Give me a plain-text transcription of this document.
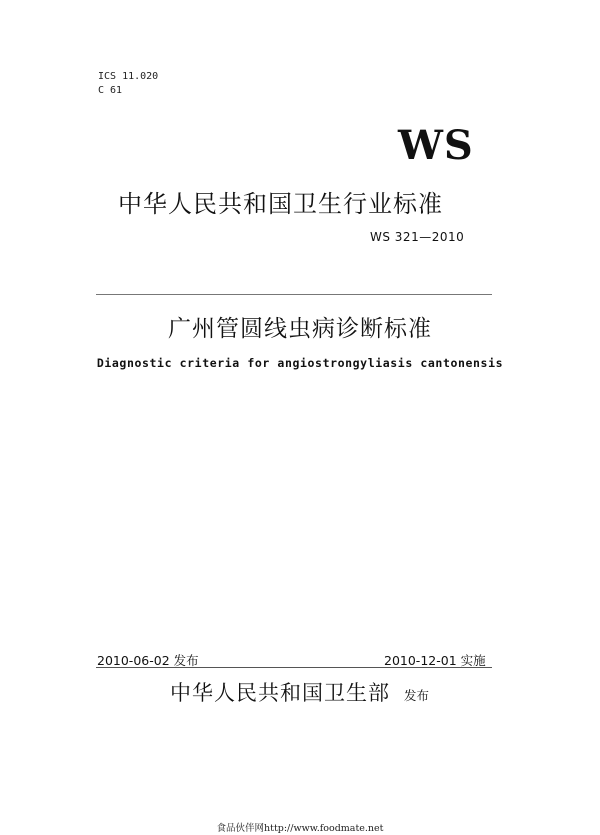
ICS 11.020
C 61
WS
中华人民共和国卫生行业标准
WS 321—2010
广州管圆线虫病诊断标准
Diagnostic criteria for angiostrongyliasis cantonensis
2010-06-02 发布	2010-12-01 实施
中华人民共和国卫生部 发布
食品伙伴网http://www.foodmate.net
